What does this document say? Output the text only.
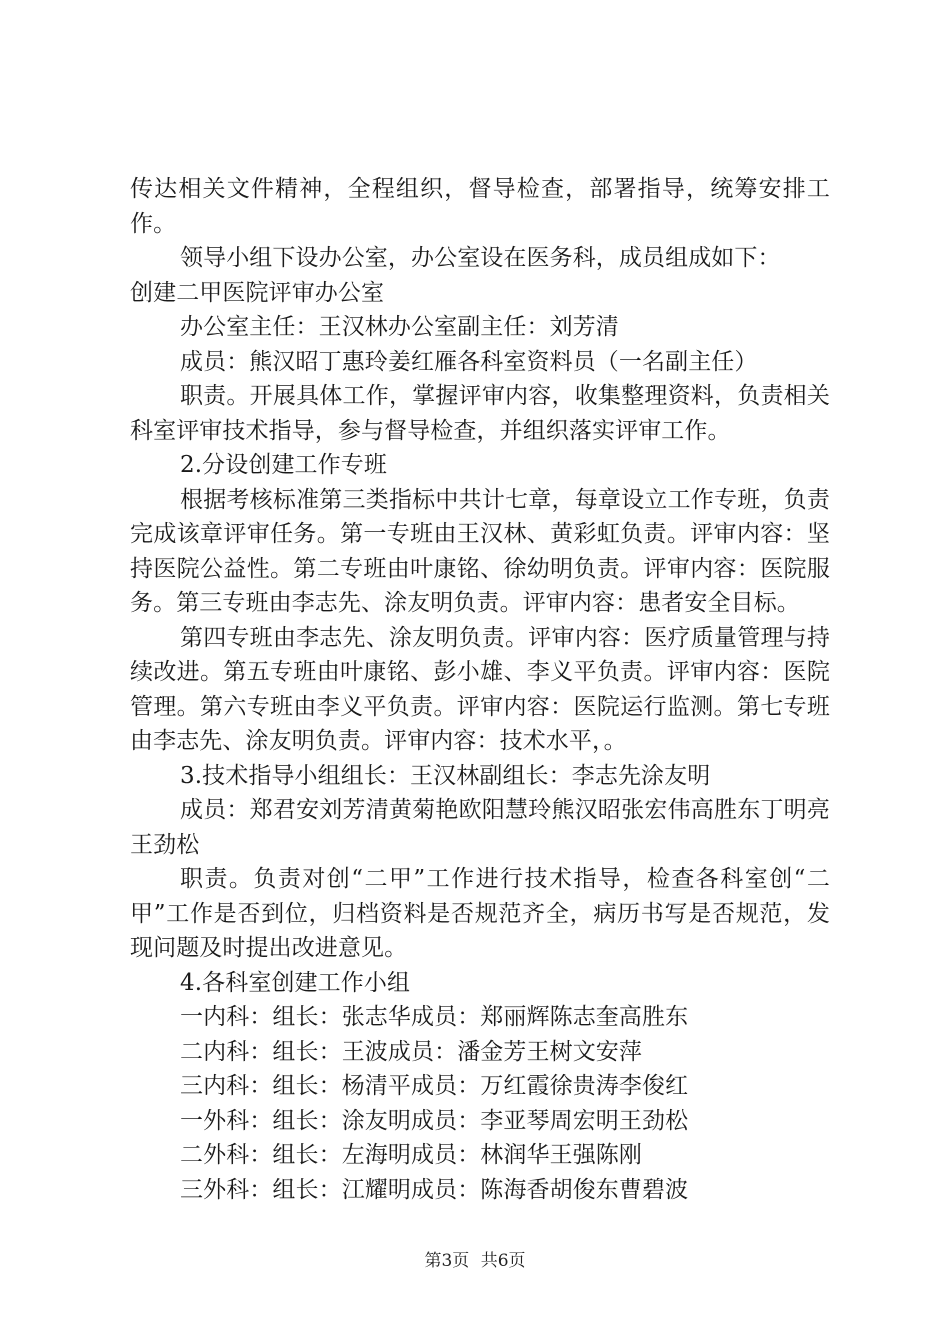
传达相关文件精神，全程组织，督导检查，部署指导，统筹安排工作。

领导小组下设办公室，办公室设在医务科，成员组成如下：

创建二甲医院评审办公室

办公室主任：王汉林办公室副主任：刘芳清

成员：熊汉昭丁惠玲姜红雁各科室资料员（一名副主任）

职责。开展具体工作，掌握评审内容，收集整理资料，负责相关科室评审技术指导，参与督导检查，并组织落实评审工作。

2.分设创建工作专班

根据考核标准第三类指标中共计七章，每章设立工作专班，负责完成该章评审任务。第一专班由王汉林、黄彩虹负责。评审内容：坚持医院公益性。第二专班由叶康铭、徐幼明负责。评审内容：医院服务。第三专班由李志先、涂友明负责。评审内容：患者安全目标。

第四专班由李志先、涂友明负责。评审内容：医疗质量管理与持续改进。第五专班由叶康铭、彭小雄、李义平负责。评审内容：医院管理。第六专班由李义平负责。评审内容：医院运行监测。第七专班由李志先、涂友明负责。评审内容：技术水平，。

3.技术指导小组组长：王汉林副组长：李志先涂友明

成员：郑君安刘芳清黄菊艳欧阳慧玲熊汉昭张宏伟高胜东丁明亮王劲松

职责。负责对创“二甲”工作进行技术指导，检查各科室创“二甲”工作是否到位，归档资料是否规范齐全，病历书写是否规范，发现问题及时提出改进意见。

4.各科室创建工作小组

一内科：组长：张志华成员：郑丽辉陈志奎高胜东

二内科：组长：王波成员：潘金芳王树文安萍

三内科：组长：杨清平成员：万红霞徐贵涛李俊红

一外科：组长：涂友明成员：李亚琴周宏明王劲松

二外科：组长：左海明成员：林润华王强陈刚

三外科：组长：江耀明成员：陈海香胡俊东曹碧波

第3页 共6页
